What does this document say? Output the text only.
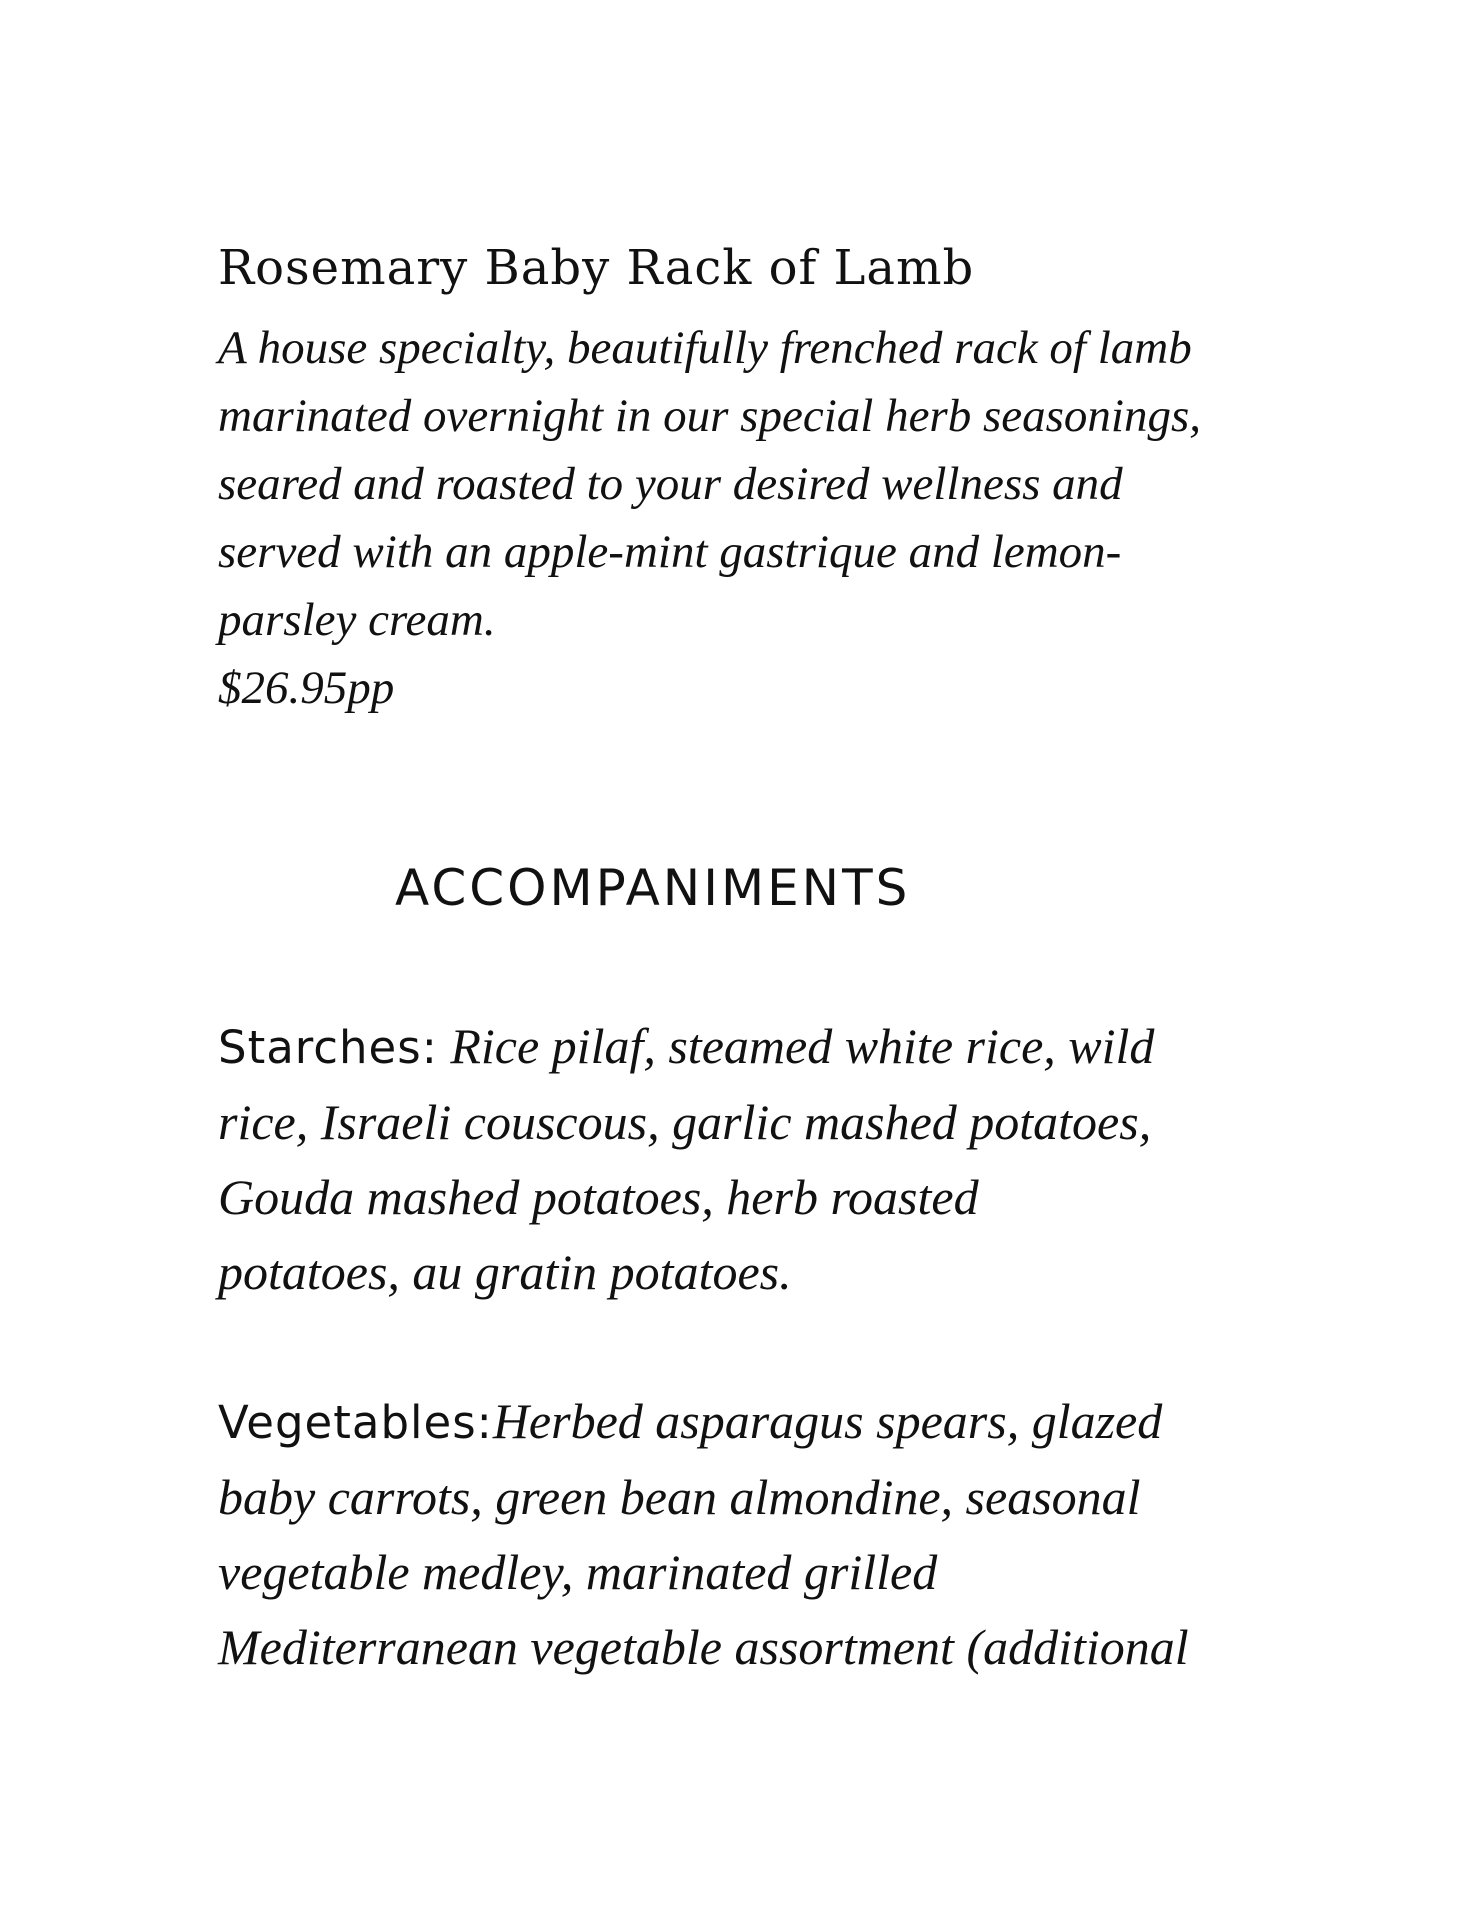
Rosemary Baby Rack of Lamb
A house specialty, beautifully frenched rack of lamb
marinated overnight in our special herb seasonings,
seared and roasted to your desired wellness and
served with an apple-mint gastrique and lemon-
parsley cream.
$26.95pp
ACCOMPANIMENTS
Starches: Rice pilaf, steamed white rice, wild
rice, Israeli couscous, garlic mashed potatoes,
Gouda mashed potatoes, herb roasted
potatoes, au gratin potatoes.
Vegetables:Herbed asparagus spears, glazed
baby carrots, green bean almondine, seasonal
vegetable medley, marinated grilled
Mediterranean vegetable assortment (additional
